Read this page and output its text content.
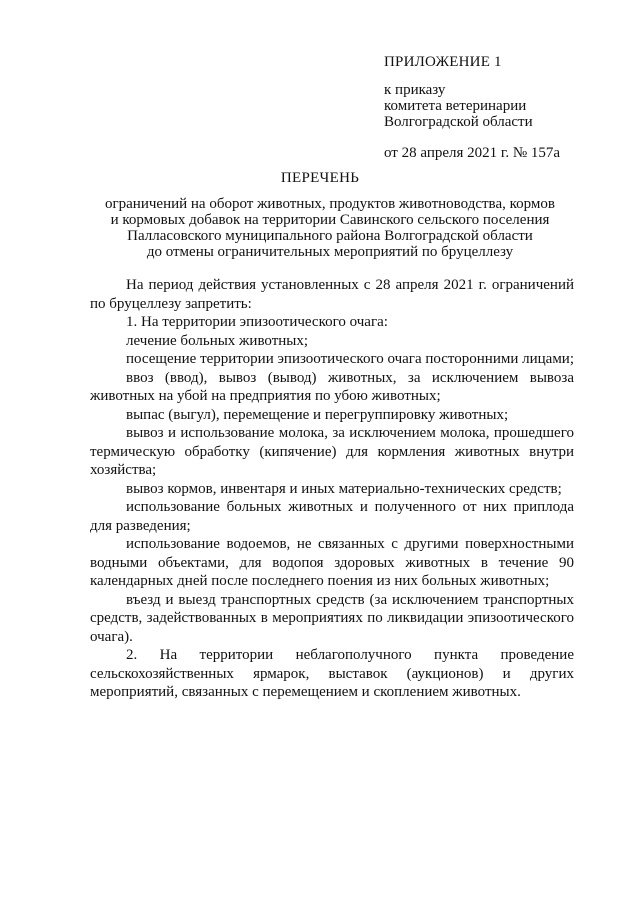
ПРИЛОЖЕНИЕ 1
к приказу
комитета ветеринарии
Волгоградской области
от 28 апреля 2021 г. № 157а
ПЕРЕЧЕНЬ
ограничений на оборот животных, продуктов животноводства, кормов
и кормовых добавок на территории Савинского сельского поселения
Палласовского муниципального района Волгоградской области
до отмены ограничительных мероприятий по бруцеллезу

На период действия установленных с 28 апреля 2021 г. ограничений по бруцеллезу запретить:

1. На территории эпизоотического очага:

лечение больных животных;

посещение территории эпизоотического очага посторонними лицами;

ввоз (ввод), вывоз (вывод) животных, за исключением вывоза животных на убой на предприятия по убою животных;

выпас (выгул), перемещение и перегруппировку животных;

вывоз и использование молока, за исключением молока, прошедшего термическую обработку (кипячение) для кормления животных внутри хозяйства;

вывоз кормов, инвентаря и иных материально-технических средств;

использование больных животных и полученного от них приплода для разведения;

использование водоемов, не связанных с другими поверхностными водными объектами, для водопоя здоровых животных в течение 90 календарных дней после последнего поения из них больных животных;

въезд и выезд транспортных средств (за исключением транспортных средств, задействованных в мероприятиях по ликвидации эпизоотического очага).

2. На территории неблагополучного пункта проведение сельскохозяйственных ярмарок, выставок (аукционов) и других мероприятий, связанных с перемещением и скоплением животных.
